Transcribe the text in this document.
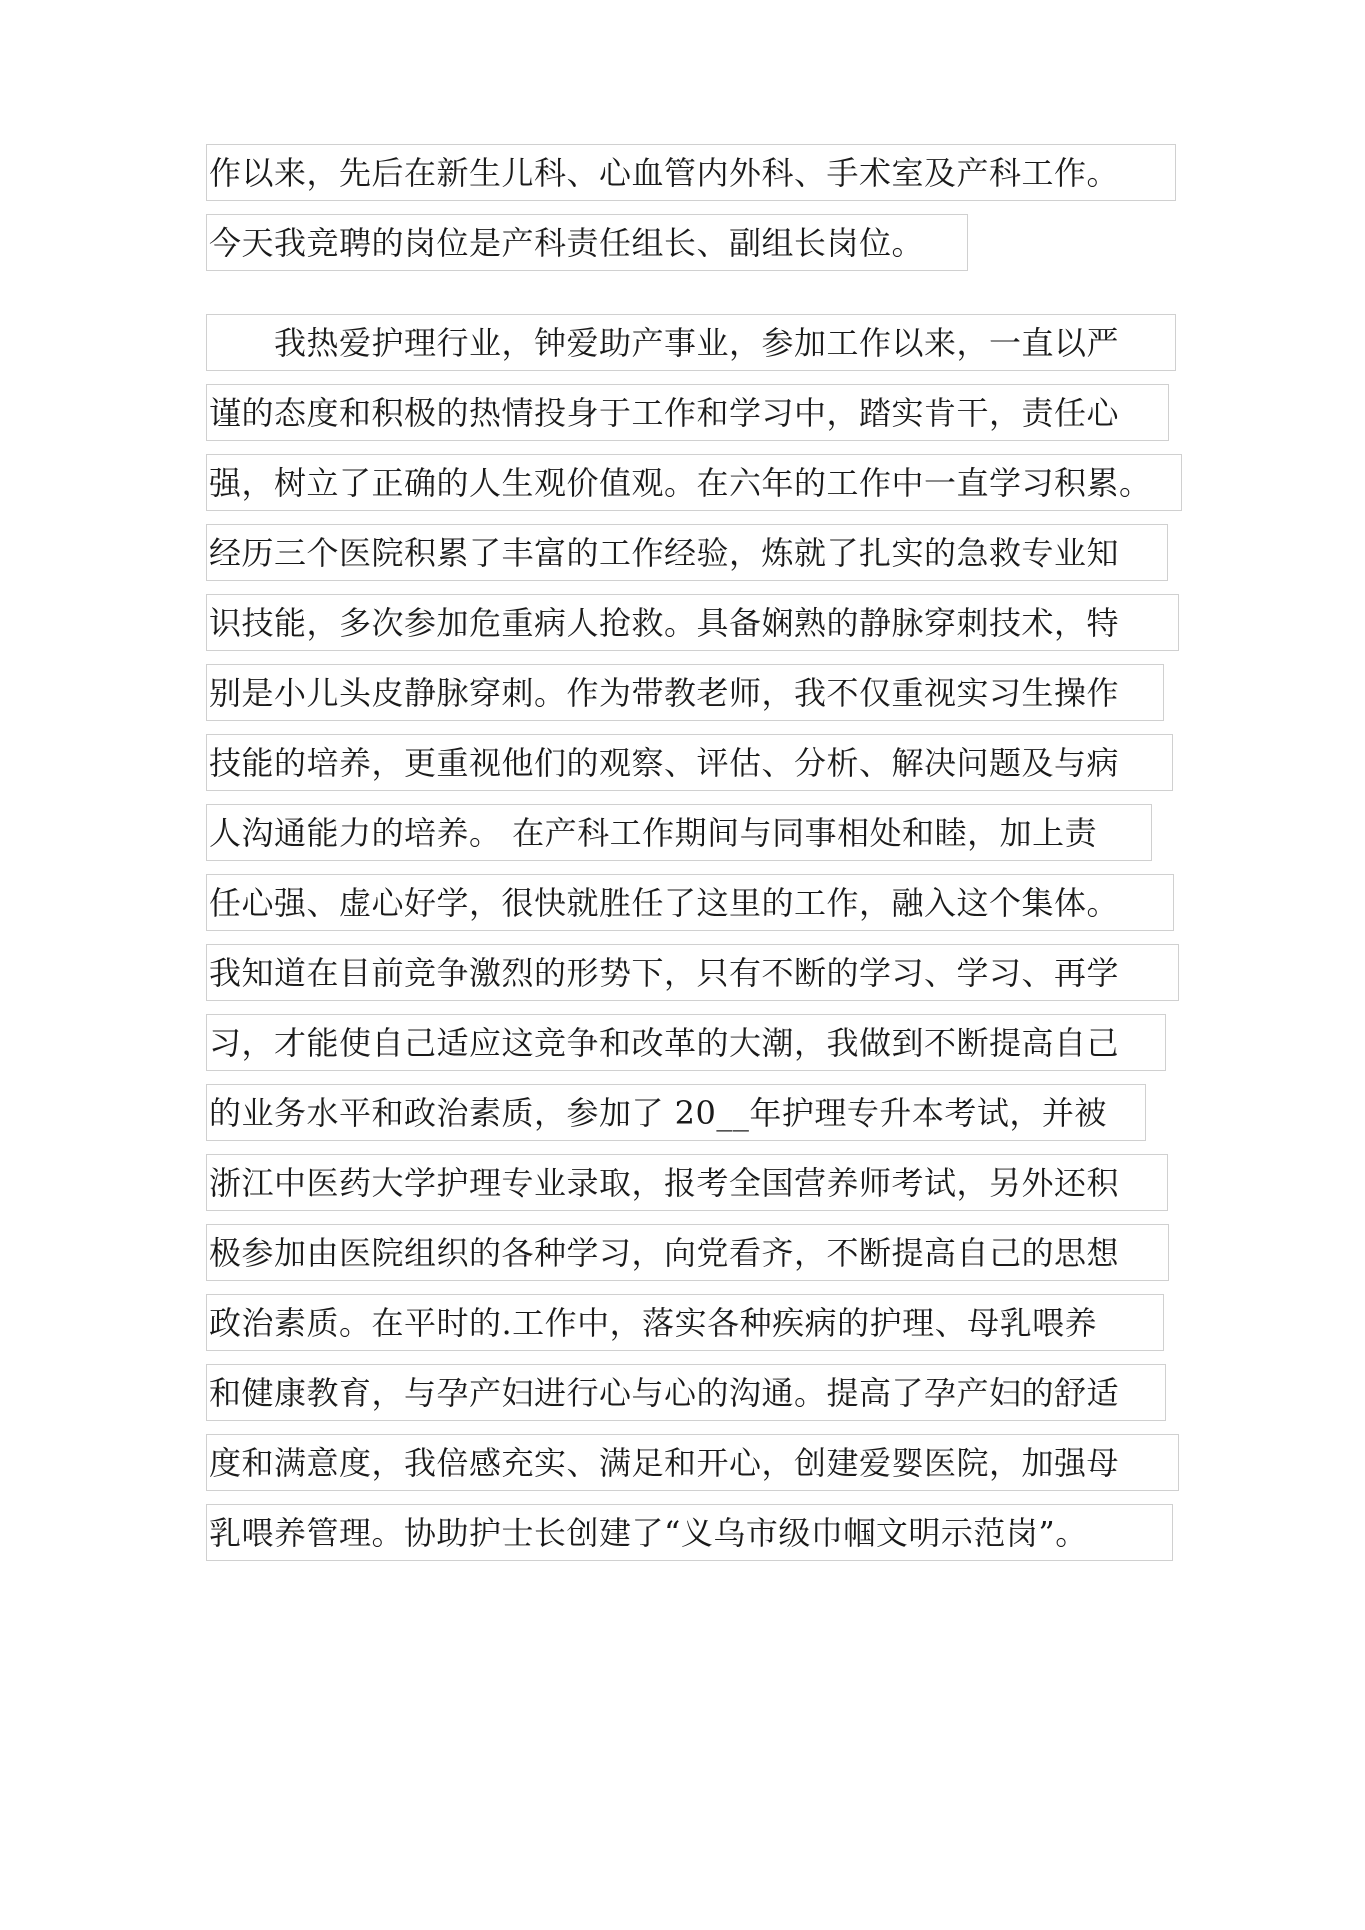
作以来，先后在新生儿科、心血管内外科、手术室及产科工作。
今天我竞聘的岗位是产科责任组长、副组长岗位。
　　我热爱护理行业，钟爱助产事业，参加工作以来，一直以严
谨的态度和积极的热情投身于工作和学习中，踏实肯干，责任心
强，树立了正确的人生观价值观。在六年的工作中一直学习积累。
经历三个医院积累了丰富的工作经验，炼就了扎实的急救专业知
识技能，多次参加危重病人抢救。具备娴熟的静脉穿刺技术，特
别是小儿头皮静脉穿刺。作为带教老师，我不仅重视实习生操作
技能的培养，更重视他们的观察、评估、分析、解决问题及与病
人沟通能力的培养。 在产科工作期间与同事相处和睦，加上责
任心强、虚心好学，很快就胜任了这里的工作，融入这个集体。
我知道在目前竞争激烈的形势下，只有不断的学习、学习、再学
习，才能使自己适应这竞争和改革的大潮，我做到不断提高自己
的业务水平和政治素质，参加了 20__年护理专升本考试，并被
浙江中医药大学护理专业录取，报考全国营养师考试，另外还积
极参加由医院组织的各种学习，向党看齐，不断提高自己的思想
政治素质。在平时的.工作中，落实各种疾病的护理、母乳喂养
和健康教育，与孕产妇进行心与心的沟通。提高了孕产妇的舒适
度和满意度，我倍感充实、满足和开心，创建爱婴医院，加强母
乳喂养管理。协助护士长创建了“义乌市级巾帼文明示范岗”。
